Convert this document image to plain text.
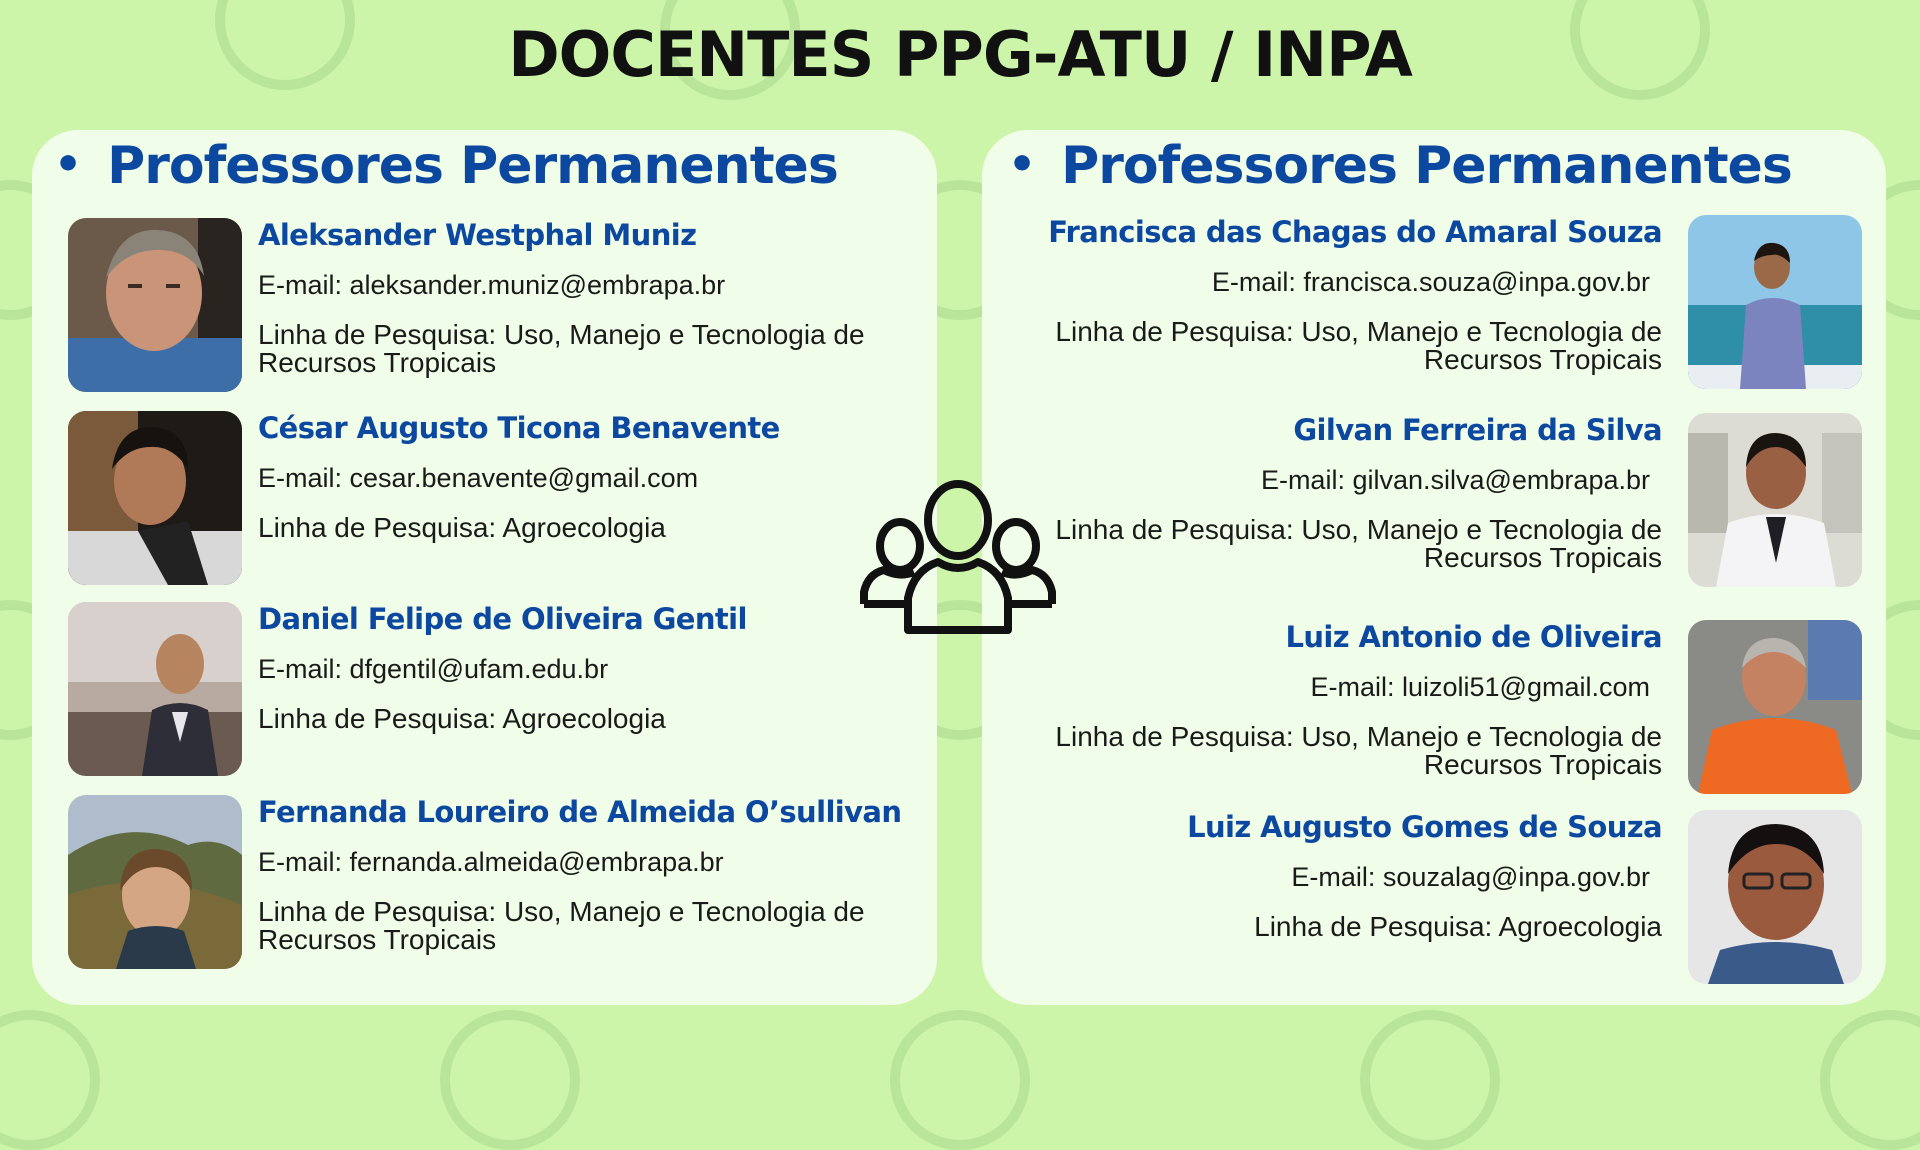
DOCENTES PPG-ATU / INPA
• Professores Permanentes
Aleksander Westphal Muniz
E-mail: aleksander.muniz@embrapa.br
Linha de Pesquisa: Uso, Manejo e Tecnologia de
Recursos Tropicais
César Augusto Ticona Benavente
E-mail: cesar.benavente@gmail.com
Linha de Pesquisa: Agroecologia
Daniel Felipe de Oliveira Gentil
E-mail: dfgentil@ufam.edu.br
Linha de Pesquisa: Agroecologia
Fernanda Loureiro de Almeida O’sullivan
E-mail: fernanda.almeida@embrapa.br
Linha de Pesquisa: Uso, Manejo e Tecnologia de
Recursos Tropicais
• Professores Permanentes
Francisca das Chagas do Amaral Souza
E-mail: francisca.souza@inpa.gov.br
Linha de Pesquisa: Uso, Manejo e Tecnologia de
Recursos Tropicais
Gilvan Ferreira da Silva
E-mail: gilvan.silva@embrapa.br
Linha de Pesquisa: Uso, Manejo e Tecnologia de
Recursos Tropicais
Luiz Antonio de Oliveira
E-mail: luizoli51@gmail.com
Linha de Pesquisa: Uso, Manejo e Tecnologia de
Recursos Tropicais
Luiz Augusto Gomes de Souza
E-mail: souzalag@inpa.gov.br
Linha de Pesquisa: Agroecologia
